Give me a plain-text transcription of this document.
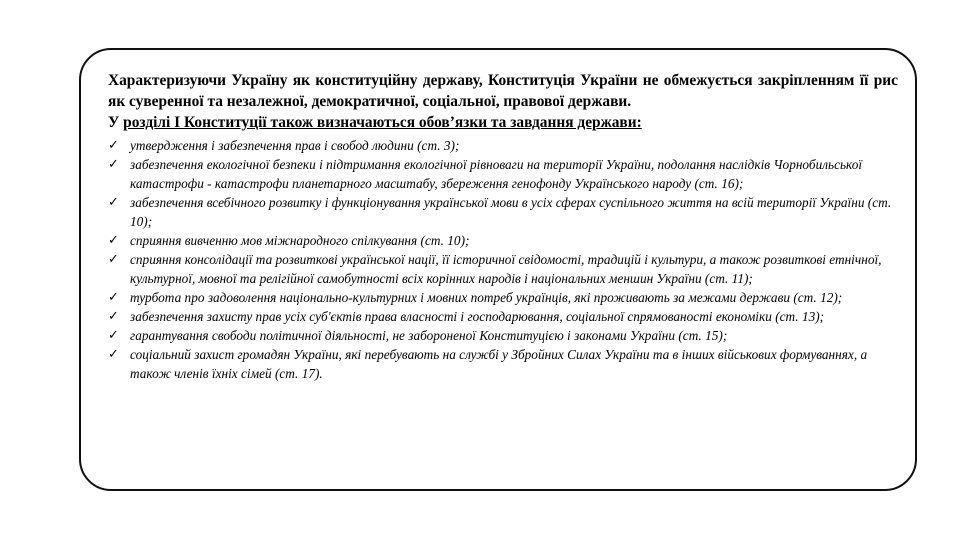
Характеризуючи Україну як конституційну державу, Конституція України не обмежується закріпленням її рис як суверенної та незалежної, демократичної, соціальної, правової держави.
У розділі І Конституції також визначаються обов’язки та завдання держави:

✓ утвердження і забезпечення прав і свобод людини (ст. 3);
✓ забезпечення екологічної безпеки і підтримання екологічної рівноваги на території України, подолання наслідків Чорнобильської катастрофи - катастрофи планетарного масштабу, збереження генофонду Українського народу (ст. 16);
✓ забезпечення всебічного розвитку і функціонування української мови в усіх сферах суспільного життя на всій території України (ст. 10);
✓ сприяння вивченню мов міжнародного спілкування (ст. 10);
✓ сприяння консолідації та розвиткові української нації, її історичної свідомості, традицій і культури, а також розвиткові етнічної, культурної, мовної та релігійної самобутності всіх корінних народів і національних меншин України (ст. 11);
✓ турбота про задоволення національно-культурних і мовних потреб українців, які проживають за межами держави (ст. 12);
✓ забезпечення захисту прав усіх суб'єктів права власності і господарювання, соціальної спрямованості економіки (ст. 13);
✓ гарантування свободи політичної діяльності, не забороненої Конституцією і законами України (ст. 15);
✓ соціальний захист громадян України, які перебувають на службі у Збройних Силах України та в інших військових формуваннях, а також членів їхніх сімей (ст. 17).
